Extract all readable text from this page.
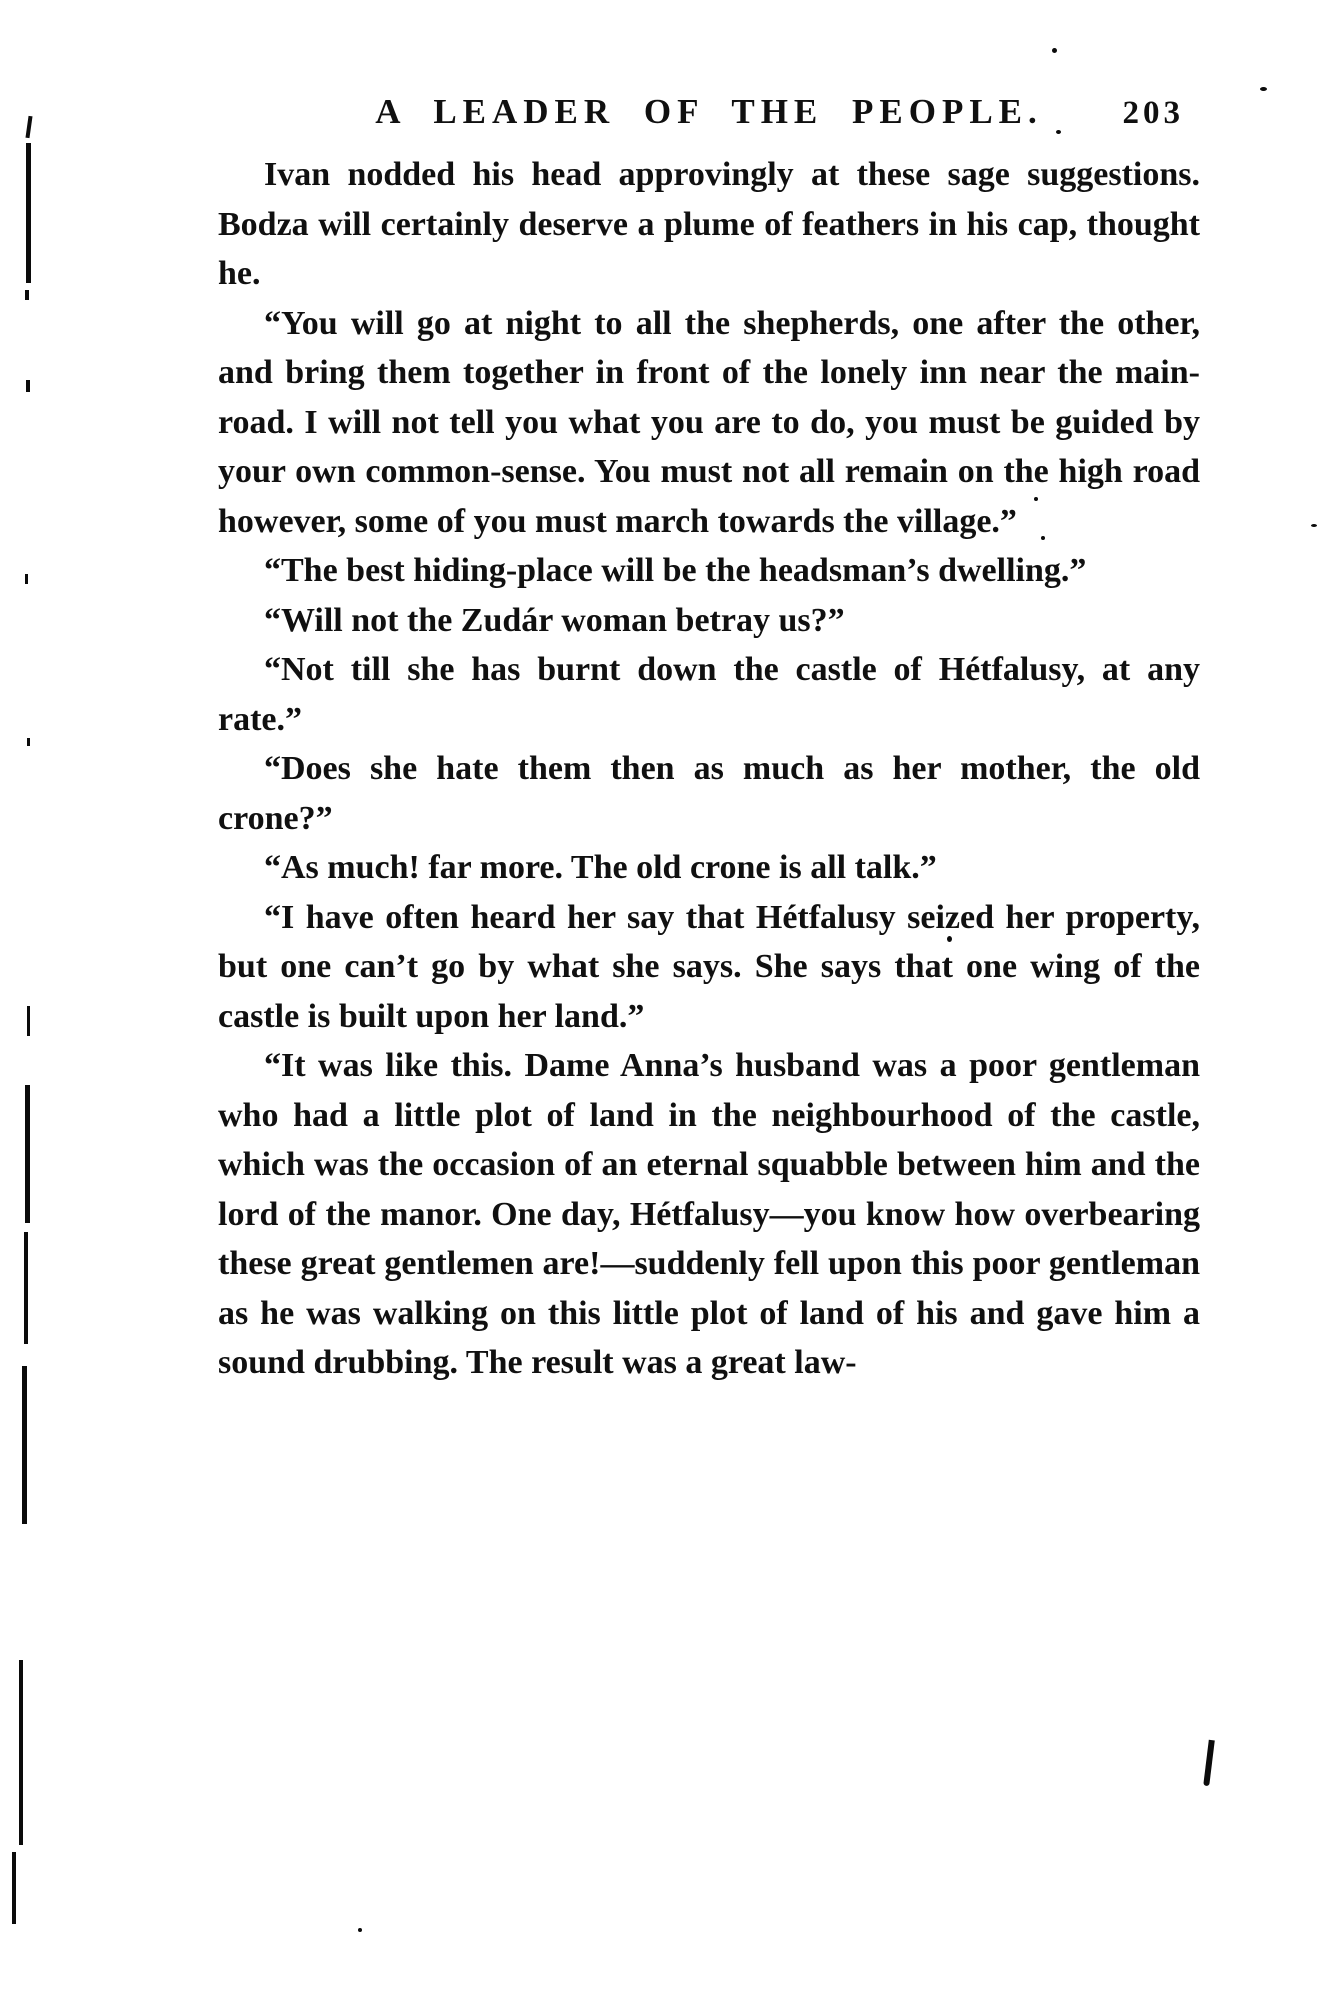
A LEADER OF THE PEOPLE. 203

Ivan nodded his head approvingly at these sage suggestions. Bodza will certainly deserve a plume of feathers in his cap, thought he.

“You will go at night to all the shepherds, one after the other, and bring them together in front of the lonely inn near the main-road. I will not tell you what you are to do, you must be guided by your own common-sense. You must not all remain on the high road however, some of you must march towards the village.”

“The best hiding-place will be the headsman’s dwelling.”

“Will not the Zudár woman betray us?”

“Not till she has burnt down the castle of Hétfalusy, at any rate.”

“Does she hate them then as much as her mother, the old crone?”

“As much! far more. The old crone is all talk.”

“I have often heard her say that Hétfalusy seized her property, but one can’t go by what she says. She says that one wing of the castle is built upon her land.”

“It was like this. Dame Anna’s husband was a poor gentleman who had a little plot of land in the neighbourhood of the castle, which was the occasion of an eternal squabble between him and the lord of the manor. One day, Hétfalusy—you know how overbearing these great gentlemen are!—suddenly fell upon this poor gentleman as he was walking on this little plot of land of his and gave him a sound drubbing. The result was a great law-
